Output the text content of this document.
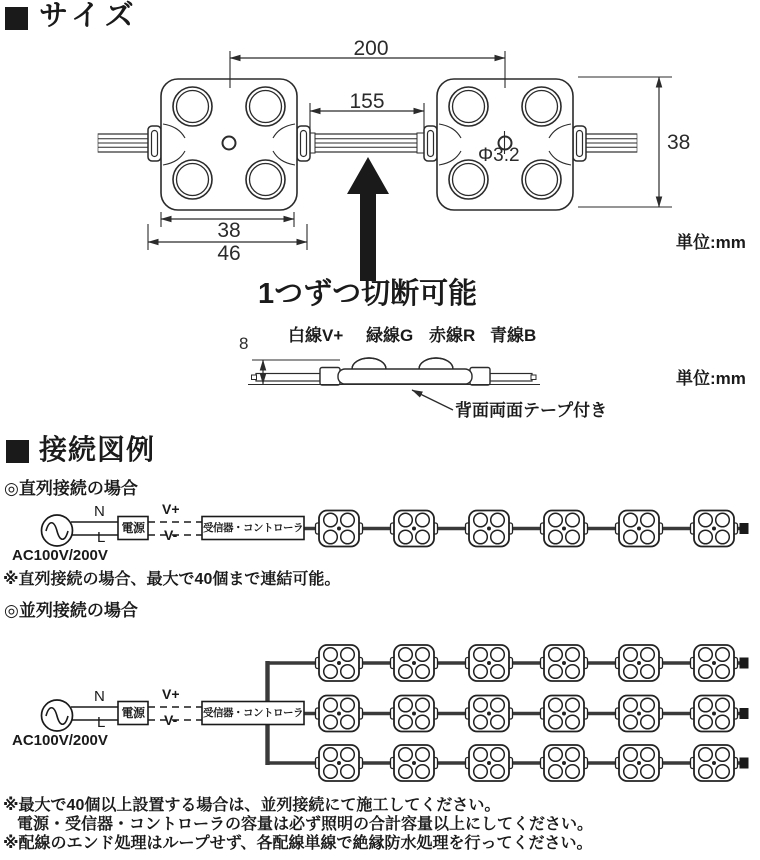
サイズ
200
155
38
Φ3.2
38
46	単位:mm
1つずつ切断可能
白線V+ 緑線G 赤線R 青線B
8
背面両面テープ付き
単位:mm
接続図例
◎直列接続の場合
N
L
電源
V+
V- 受信器・コントローラ
AC100V/200V
※直列接続の場合、最大で40個まで連結可能。
◎並列接続の場合
N
L
電源
V+
V- 受信器・コントローラ
AC100V/200V
※最大で40個以上設置する場合は、並列接続にて施工してください。
電源・受信器・コントローラの容量は必ず照明の合計容量以上にしてください。
※配線のエンド処理はループせず、各配線単線で絶縁防水処理を行ってください。
